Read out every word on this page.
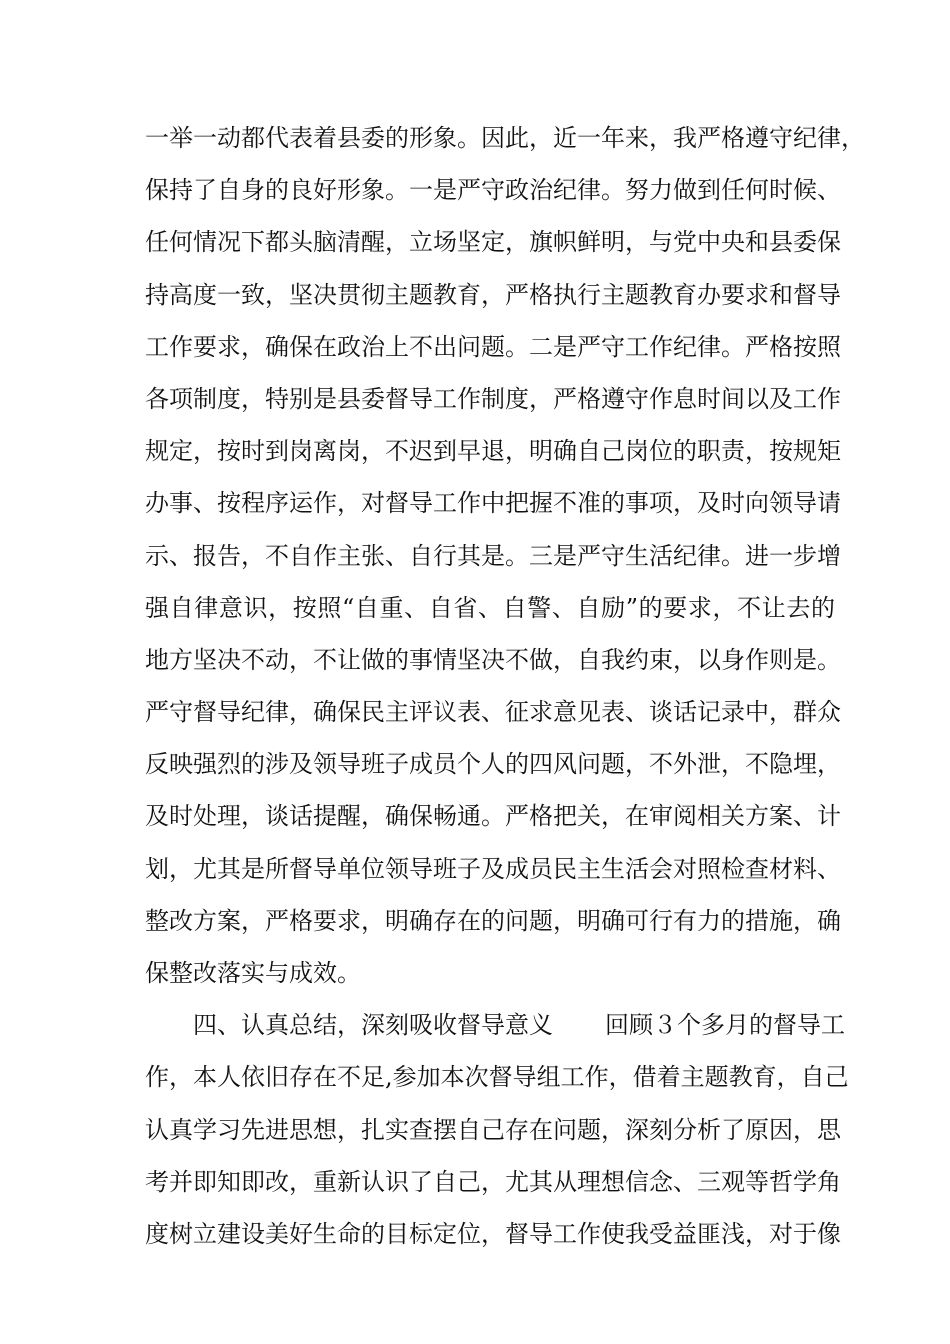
一举一动都代表着县委的形象。因此，近一年来，我严格遵守纪律，
保持了自身的良好形象。一是严守政治纪律。努力做到任何时候、
任何情况下都头脑清醒，立场坚定，旗帜鲜明，与党中央和县委保
持高度一致，坚决贯彻主题教育，严格执行主题教育办要求和督导
工作要求，确保在政治上不出问题。二是严守工作纪律。严格按照
各项制度，特别是县委督导工作制度，严格遵守作息时间以及工作
规定，按时到岗离岗，不迟到早退，明确自己岗位的职责，按规矩
办事、按程序运作，对督导工作中把握不准的事项，及时向领导请
示、报告，不自作主张、自行其是。三是严守生活纪律。进一步增
强自律意识，按照“自重、自省、自警、自励”的要求，不让去的
地方坚决不动，不让做的事情坚决不做，自我约束，以身作则是。
严守督导纪律，确保民主评议表、征求意见表、谈话记录中，群众
反映强烈的涉及领导班子成员个人的四风问题，不外泄，不隐埋，
及时处理，谈话提醒，确保畅通。严格把关，在审阅相关方案、计
划，尤其是所督导单位领导班子及成员民主生活会对照检查材料、
整改方案，严格要求，明确存在的问题，明确可行有力的措施，确
保整改落实与成效。
四、认真总结，深刻吸收督导意义 回顾３个多月的督导工
作，本人依旧存在不足,参加本次督导组工作，借着主题教育，自己
认真学习先进思想，扎实查摆自己存在问题，深刻分析了原因，思
考并即知即改，重新认识了自己，尤其从理想信念、三观等哲学角
度树立建设美好生命的目标定位，督导工作使我受益匪浅，对于像
